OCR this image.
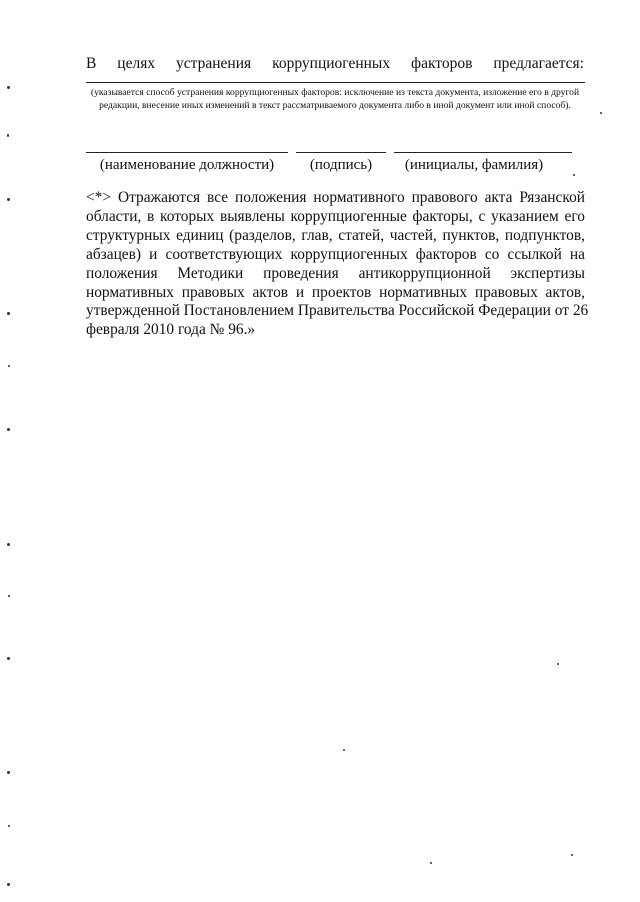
В целях устранения коррупциогенных факторов предлагается:
(указывается способ устранения коррупциогенных факторов: исключение из текста документа, изложение его в другой редакции, внесение иных изменений в текст рассматриваемого документа либо в иной документ или иной способ).
(наименование должности)	(подпись)	(инициалы, фамилия)

<*> Отражаются все положения нормативного правового акта Рязанской
области, в которых выявлены коррупциогенные факторы, с указанием его
структурных единиц (разделов, глав, статей, частей, пунктов, подпунктов,
абзацев) и соответствующих коррупциогенных факторов со ссылкой на
положения Методики проведения антикоррупционной экспертизы
нормативных правовых актов и проектов нормативных правовых актов,
утвержденной Постановлением Правительства Российской Федерации от 26
февраля 2010 года № 96.»
